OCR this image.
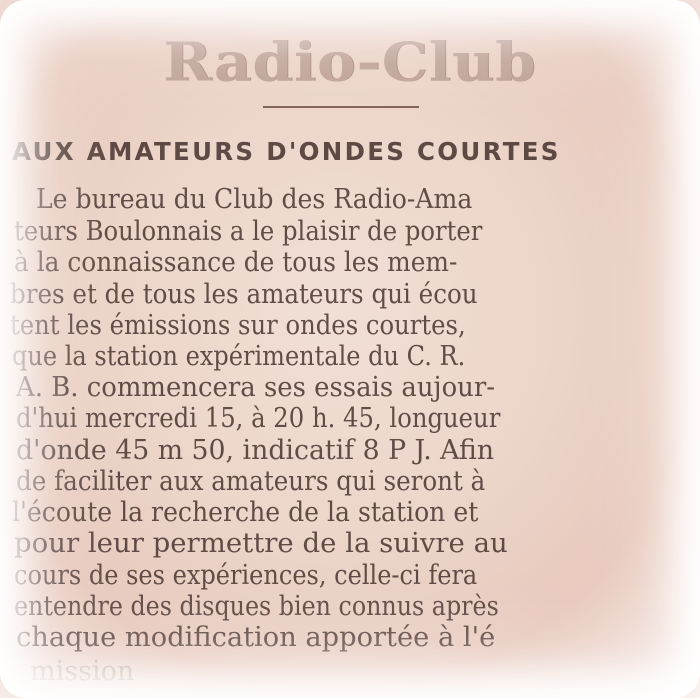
Radio-Club
AUX AMATEURS D'ONDES COURTES
Le bureau du Club des Radio-Ama
teurs Boulonnais a le plaisir de porter
à la connaissance de tous les mem-
bres et de tous les amateurs qui écou
tent les émissions sur ondes courtes,
que la station expérimentale du C. R.
A. B. commencera ses essais aujour-
d'hui mercredi 15, à 20 h. 45, longueur
d'onde 45 m 50, indicatif 8 P J. Afin
de faciliter aux amateurs qui seront à
l'écoute la recherche de la station et
pour leur permettre de la suivre au
cours de ses expériences, celle-ci fera
entendre des disques bien connus après
chaque modification apportée à l'é
mission
